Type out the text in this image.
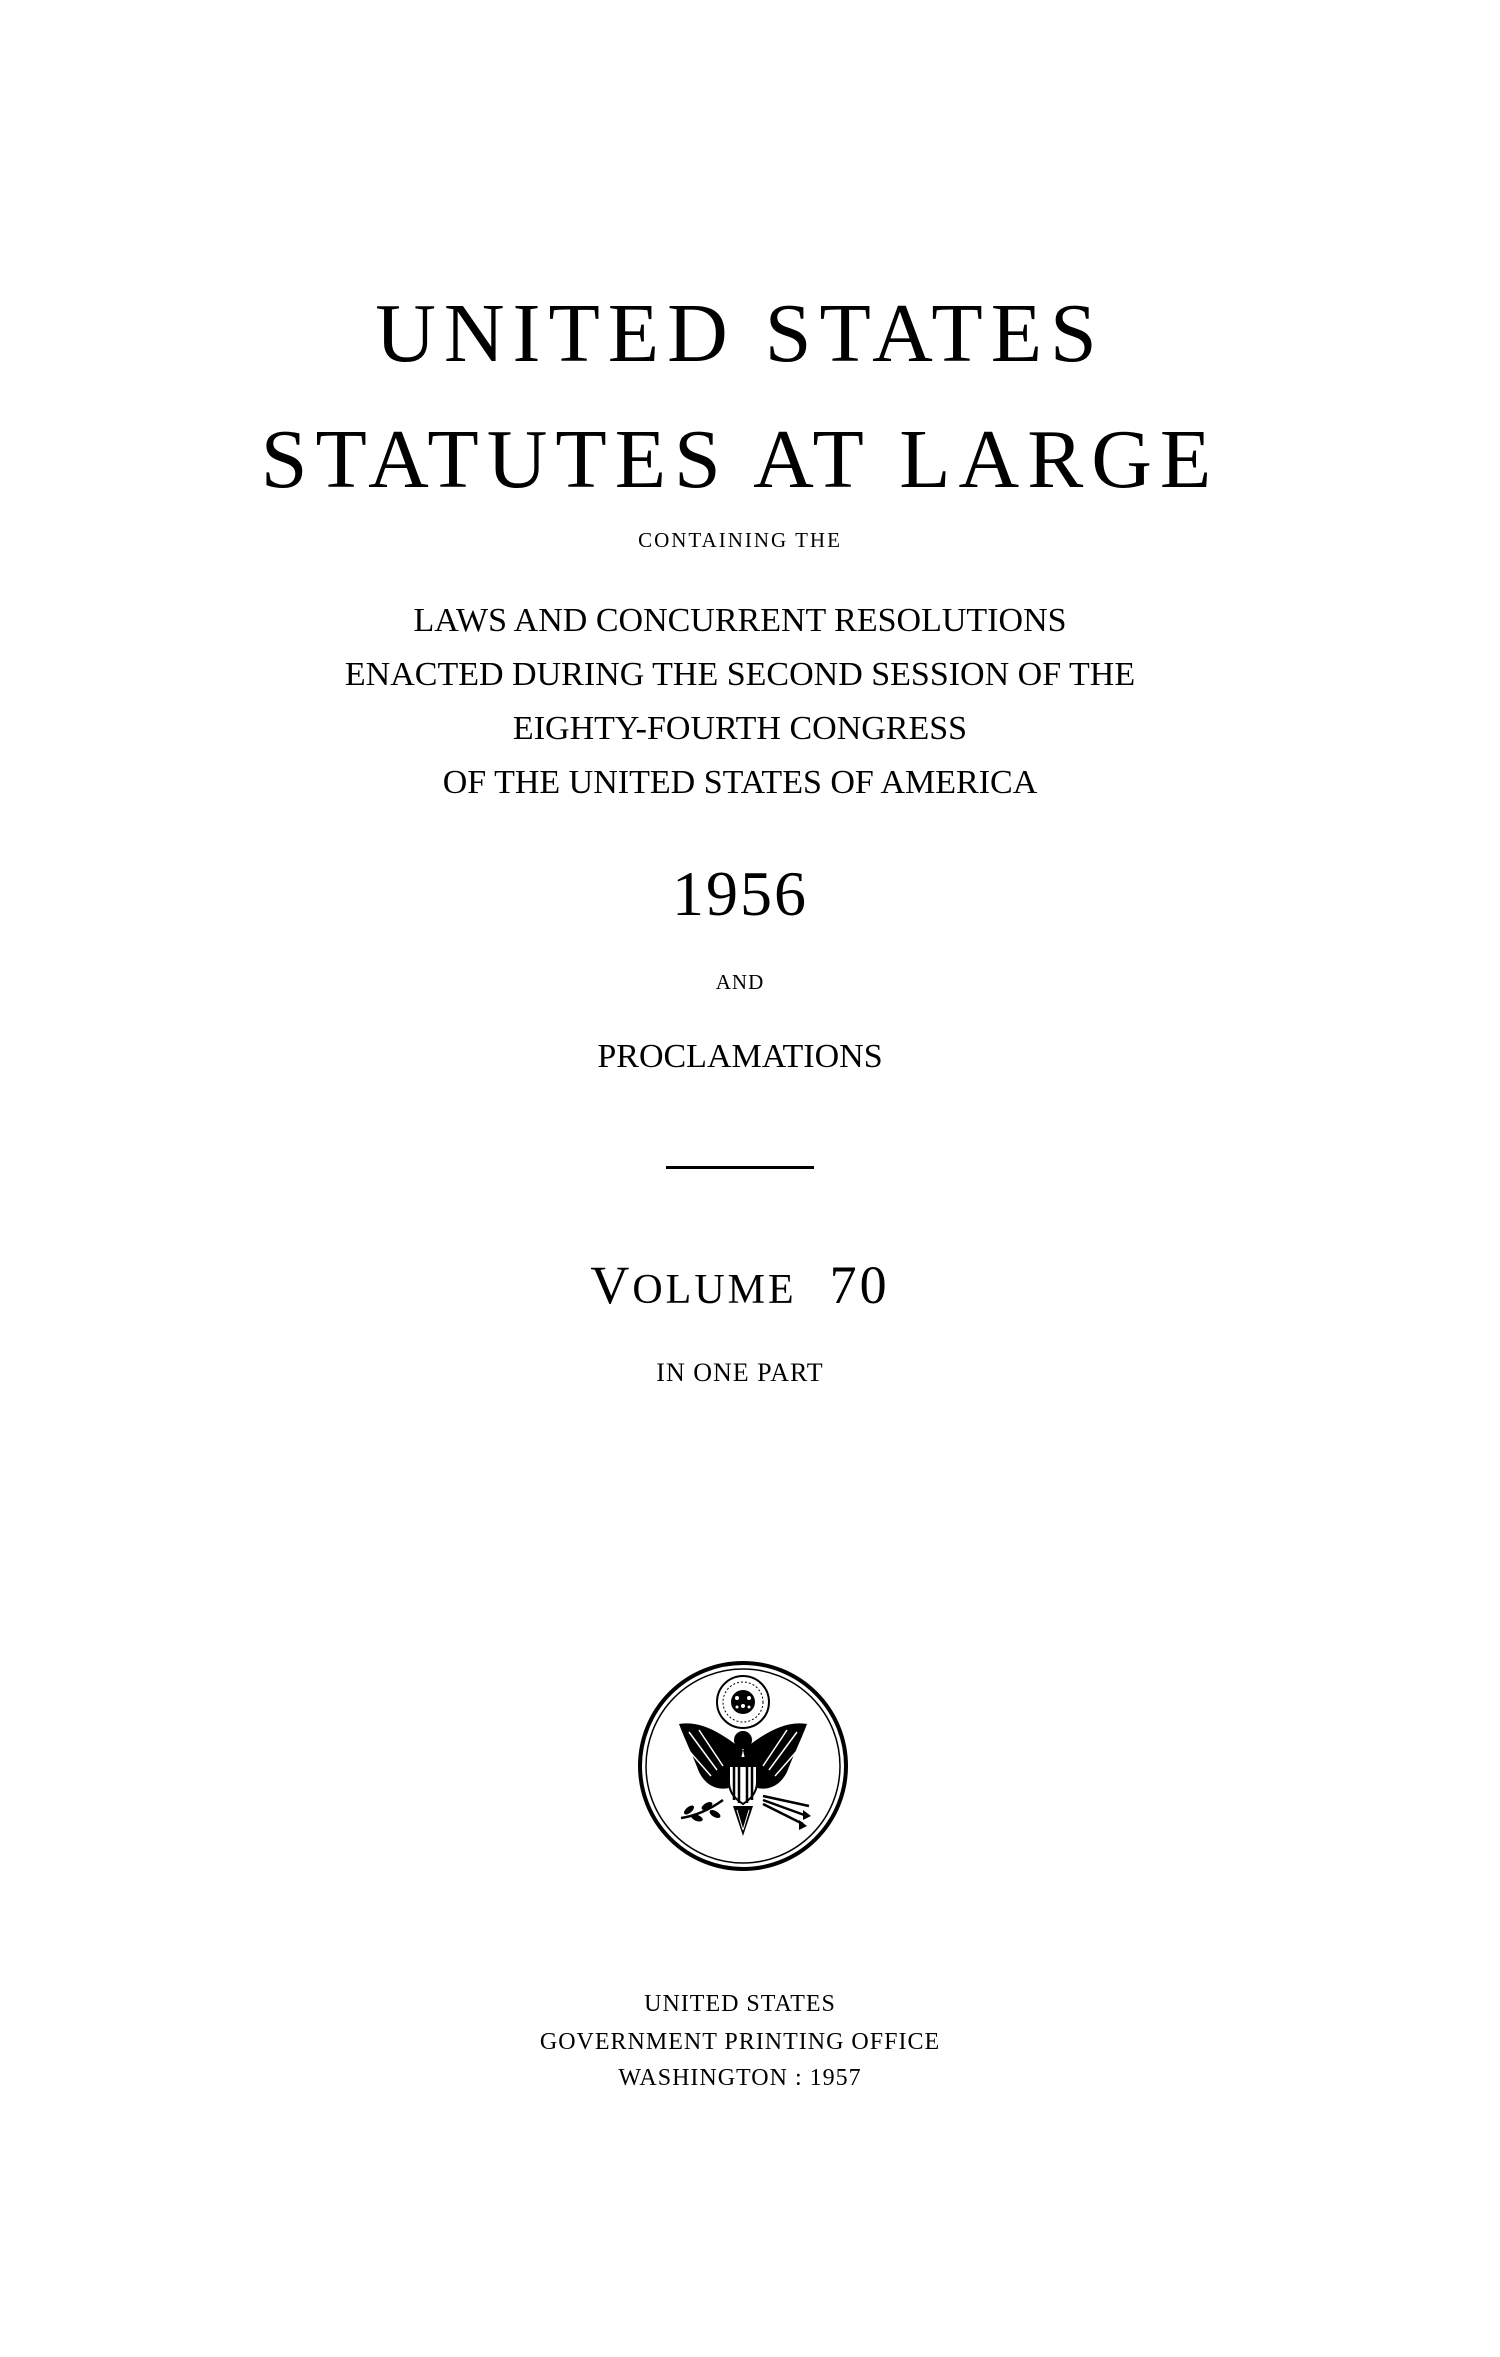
UNITED STATES
STATUTES AT LARGE
CONTAINING THE
LAWS AND CONCURRENT RESOLUTIONS
ENACTED DURING THE SECOND SESSION OF THE
EIGHTY-FOURTH CONGRESS
OF THE UNITED STATES OF AMERICA
1956
AND
PROCLAMATIONS
VOLUME 70
IN ONE PART
UNITED STATES
GOVERNMENT PRINTING OFFICE
WASHINGTON : 1957
